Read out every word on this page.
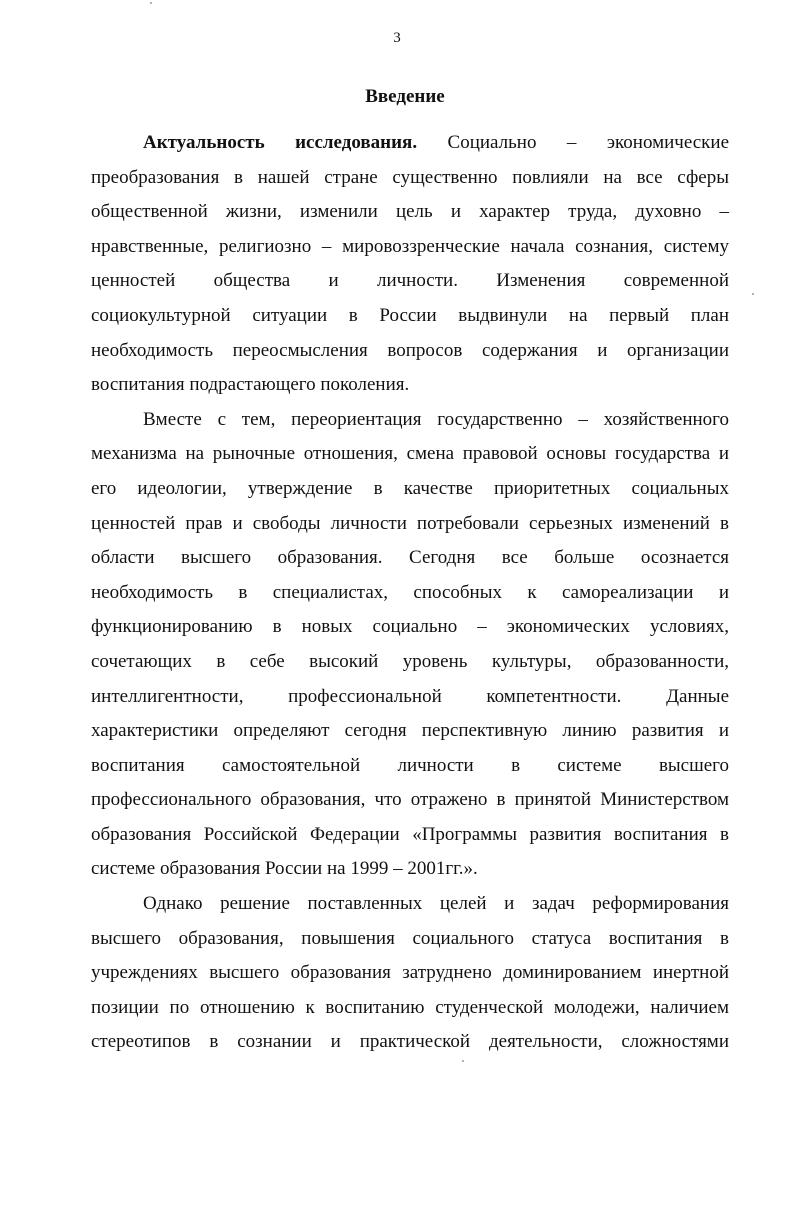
3
Введение
Актуальность исследования. Социально – экономические
преобразования в нашей стране существенно повлияли на все сферы
общественной жизни, изменили цель и характер труда, духовно –
нравственные, религиозно – мировоззренческие начала сознания, систему
ценностей общества и личности. Изменения современной
социокультурной ситуации в России выдвинули на первый план
необходимость переосмысления вопросов содержания и организации
воспитания подрастающего поколения.
Вместе с тем, переориентация государственно – хозяйственного
механизма на рыночные отношения, смена правовой основы государства и
его идеологии, утверждение в качестве приоритетных социальных
ценностей прав и свободы личности потребовали серьезных изменений в
области высшего образования. Сегодня все больше осознается
необходимость в специалистах, способных к самореализации и
функционированию в новых социально – экономических условиях,
сочетающих в себе высокий уровень культуры, образованности,
интеллигентности, профессиональной компетентности. Данные
характеристики определяют сегодня перспективную линию развития и
воспитания самостоятельной личности в системе высшего
профессионального образования, что отражено в принятой Министерством
образования Российской Федерации «Программы развития воспитания в
системе образования России на 1999 – 2001гг.».
Однако решение поставленных целей и задач реформирования
высшего образования, повышения социального статуса воспитания в
учреждениях высшего образования затруднено доминированием инертной
позиции по отношению к воспитанию студенческой молодежи, наличием
стереотипов в сознании и практической деятельности, сложностями
